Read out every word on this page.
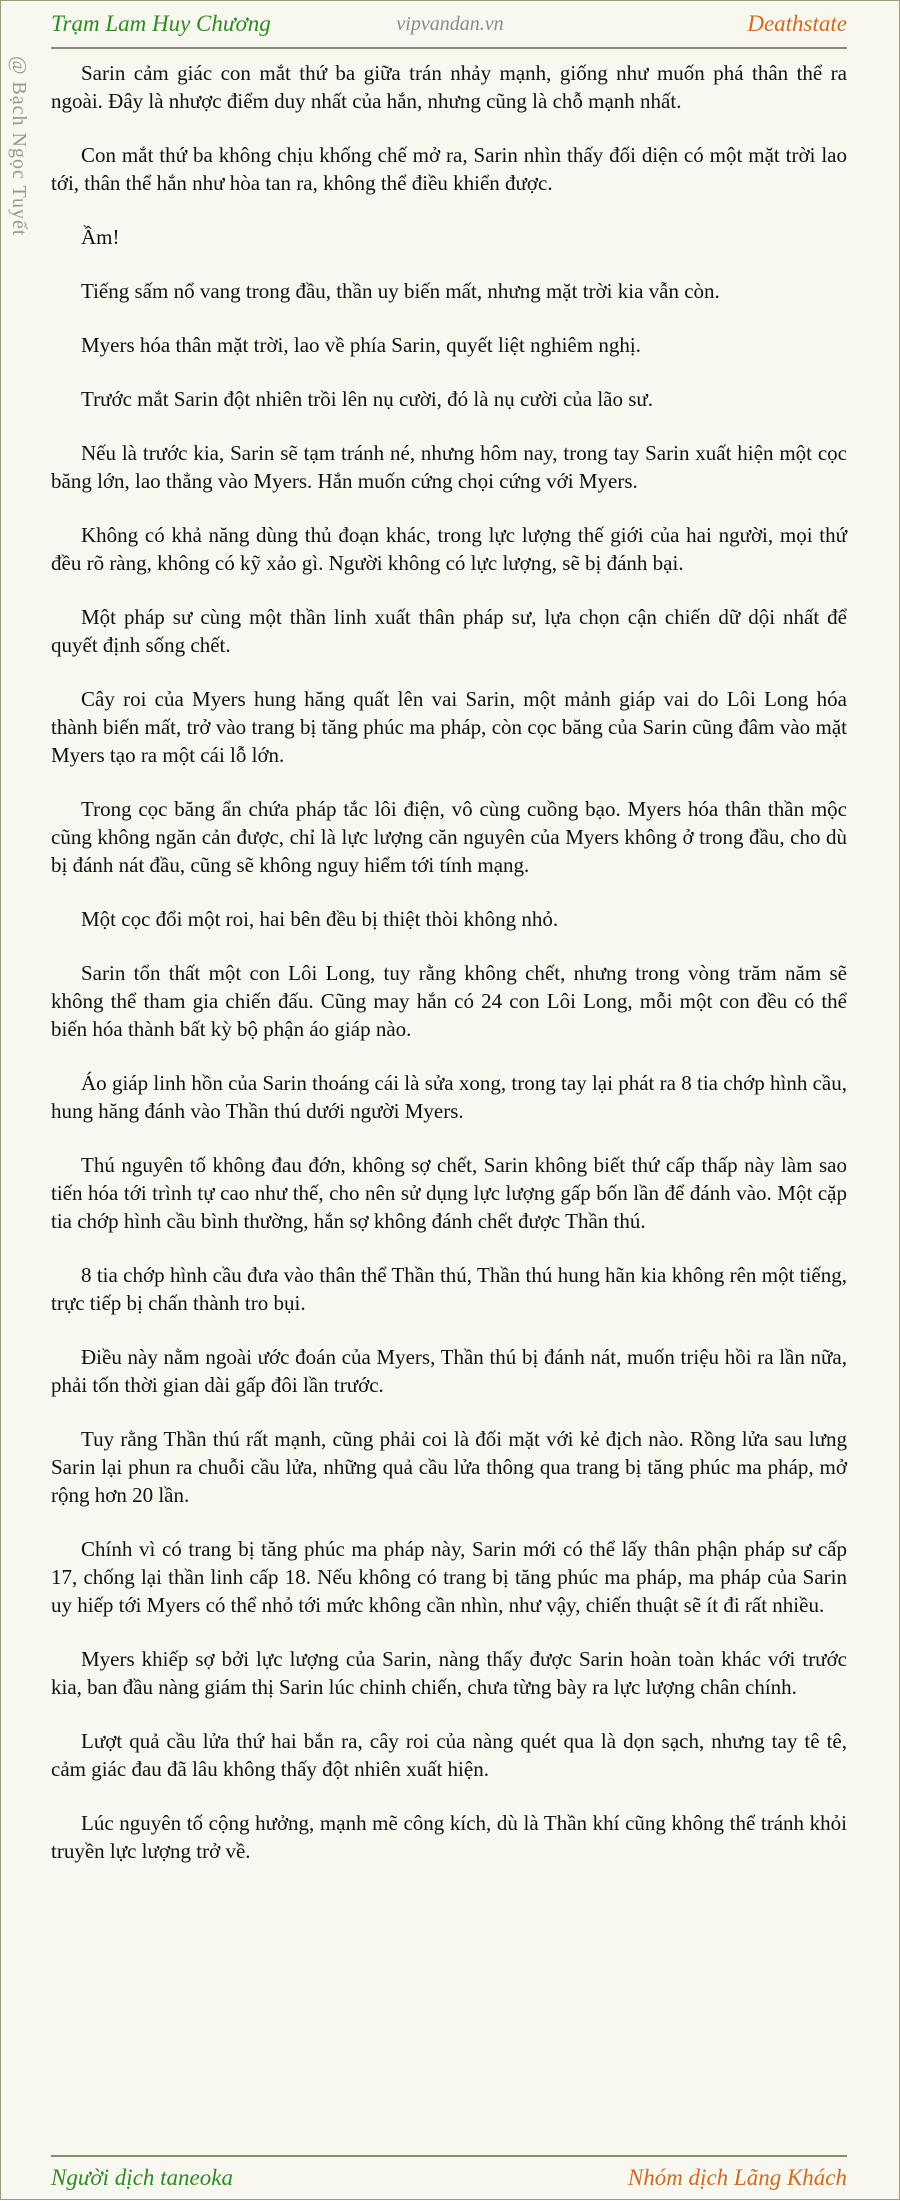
Trạm Lam Huy Chương	vipvandan.vn	Deathstate
@ Bạch Ngọc Tuyết	Sarin cảm giác con mắt thứ ba giữa trán nhảy mạnh, giống như muốn phá thân thể ra ngoài. Đây là nhược điểm duy nhất của hắn, nhưng cũng là chỗ mạnh nhất.

Con mắt thứ ba không chịu khống chế mở ra, Sarin nhìn thấy đối diện có một mặt trời lao tới, thân thể hắn như hòa tan ra, không thể điều khiển được.

Ầm!

Tiếng sấm nổ vang trong đầu, thần uy biến mất, nhưng mặt trời kia vẫn còn.

Myers hóa thân mặt trời, lao về phía Sarin, quyết liệt nghiêm nghị.

Trước mắt Sarin đột nhiên trồi lên nụ cười, đó là nụ cười của lão sư.

Nếu là trước kia, Sarin sẽ tạm tránh né, nhưng hôm nay, trong tay Sarin xuất hiện một cọc băng lớn, lao thẳng vào Myers. Hắn muốn cứng chọi cứng với Myers.

Không có khả năng dùng thủ đoạn khác, trong lực lượng thế giới của hai người, mọi thứ đều rõ ràng, không có kỹ xảo gì. Người không có lực lượng, sẽ bị đánh bại.

Một pháp sư cùng một thần linh xuất thân pháp sư, lựa chọn cận chiến dữ dội nhất để quyết định sống chết.

Cây roi của Myers hung hăng quất lên vai Sarin, một mảnh giáp vai do Lôi Long hóa thành biến mất, trở vào trang bị tăng phúc ma pháp, còn cọc băng của Sarin cũng đâm vào mặt Myers tạo ra một cái lỗ lớn.

Trong cọc băng ẩn chứa pháp tắc lôi điện, vô cùng cuồng bạo. Myers hóa thân thần mộc cũng không ngăn cản được, chỉ là lực lượng căn nguyên của Myers không ở trong đầu, cho dù bị đánh nát đầu, cũng sẽ không nguy hiểm tới tính mạng.

Một cọc đổi một roi, hai bên đều bị thiệt thòi không nhỏ.

Sarin tổn thất một con Lôi Long, tuy rằng không chết, nhưng trong vòng trăm năm sẽ không thể tham gia chiến đấu. Cũng may hắn có 24 con Lôi Long, mỗi một con đều có thể biến hóa thành bất kỳ bộ phận áo giáp nào.

Áo giáp linh hồn của Sarin thoáng cái là sửa xong, trong tay lại phát ra 8 tia chớp hình cầu, hung hăng đánh vào Thần thú dưới người Myers.

Thú nguyên tố không đau đớn, không sợ chết, Sarin không biết thứ cấp thấp này làm sao tiến hóa tới trình tự cao như thế, cho nên sử dụng lực lượng gấp bốn lần để đánh vào. Một cặp tia chớp hình cầu bình thường, hắn sợ không đánh chết được Thần thú.

8 tia chớp hình cầu đưa vào thân thể Thần thú, Thần thú hung hãn kia không rên một tiếng, trực tiếp bị chấn thành tro bụi.

Điều này nằm ngoài ước đoán của Myers, Thần thú bị đánh nát, muốn triệu hồi ra lần nữa, phải tốn thời gian dài gấp đôi lần trước.

Tuy rằng Thần thú rất mạnh, cũng phải coi là đối mặt với kẻ địch nào. Rồng lửa sau lưng Sarin lại phun ra chuỗi cầu lửa, những quả cầu lửa thông qua trang bị tăng phúc ma pháp, mở rộng hơn 20 lần.

Chính vì có trang bị tăng phúc ma pháp này, Sarin mới có thể lấy thân phận pháp sư cấp 17, chống lại thần linh cấp 18. Nếu không có trang bị tăng phúc ma pháp, ma pháp của Sarin uy hiếp tới Myers có thể nhỏ tới mức không cần nhìn, như vậy, chiến thuật sẽ ít đi rất nhiều.

Myers khiếp sợ bởi lực lượng của Sarin, nàng thấy được Sarin hoàn toàn khác với trước kia, ban đầu nàng giám thị Sarin lúc chinh chiến, chưa từng bày ra lực lượng chân chính.

Lượt quả cầu lửa thứ hai bắn ra, cây roi của nàng quét qua là dọn sạch, nhưng tay tê tê, cảm giác đau đã lâu không thấy đột nhiên xuất hiện.

Lúc nguyên tố cộng hưởng, mạnh mẽ công kích, dù là Thần khí cũng không thể tránh khỏi truyền lực lượng trở về.

Người dịch taneoka	Nhóm dịch Lãng Khách
